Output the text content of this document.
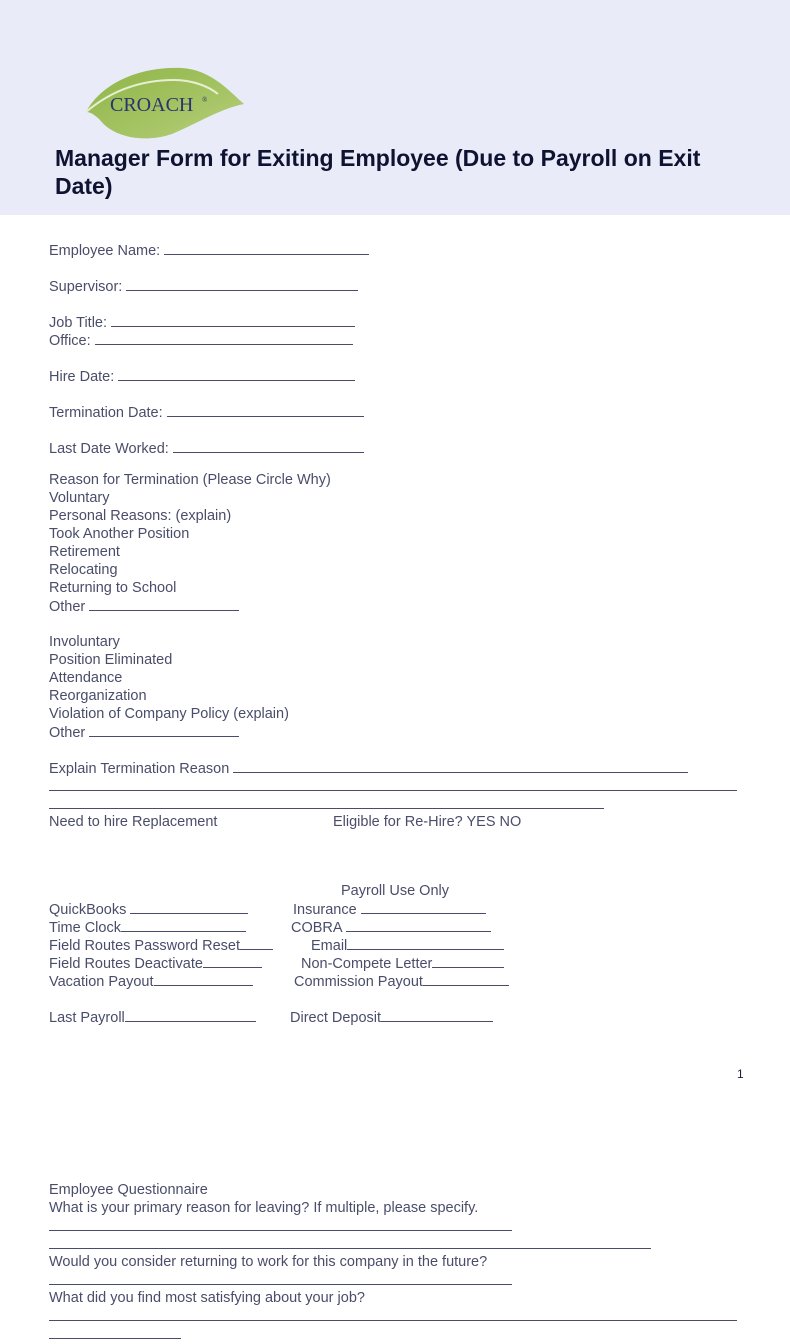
CROACH ®
Manager Form for Exiting Employee (Due to Payroll on Exit Date)
Employee Name:
Supervisor:
Job Title:
Office:
Hire Date:
Termination Date:
Last Date Worked:
Reason for Termination (Please Circle Why)
Voluntary
Personal Reasons: (explain)
Took Another Position
Retirement
Relocating
Returning to School
Other
Involuntary
Position Eliminated
Attendance
Reorganization
Violation of Company Policy (explain)
Other
Explain Termination Reason
Need to hire Replacement	Eligible for Re-Hire? YES NO
Payroll Use Only
QuickBooks
Time Clock
Field Routes Password Reset
Field Routes Deactivate
Vacation Payout
Insurance
COBRA
Email
Non-Compete Letter
Commission Payout
Last Payroll	Direct Deposit
1
Employee Questionnaire
What is your primary reason for leaving? If multiple, please specify.
Would you consider returning to work for this company in the future?
What did you find most satisfying about your job?
